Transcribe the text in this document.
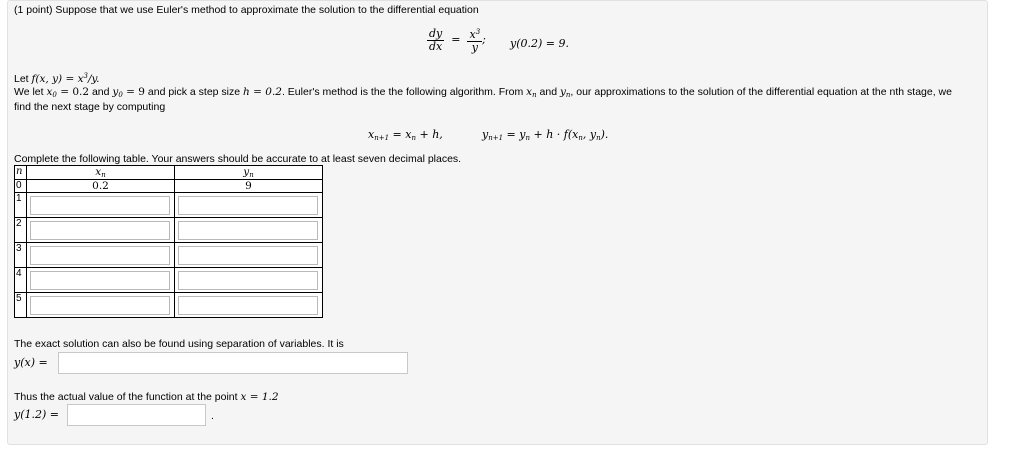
(1 point) Suppose that we use Euler's method to approximate the solution to the differential equation
$\frac{dy}{dx} = \frac{x^3}{y}$ ; y(0.2) = 9.
Let f(x, $y) = x^3/y$.
We let $x_0 = 0.2$ and $y_0 = 9$ and pick a step size h = 0.2. Euler's method is the the following algorithm. From $x_n$ and $y_n$, our approximations to the solution of the differential equation at the nth stage, we
find the next stage by computing
$x_{n+1} = x_n + h$,	$y_{n+1} = y_n + h \cdot f(x_n$, $y_n$).
Complete the following table. Your answers should be accurate to at least seven decimal places.
n	$x_n$	$y_n$
0	0.2	9
1	

2	

3	

4	

5	

The exact solution can also be found using separation of variables. It is
y(x) =
Thus the actual value of the function at the point x = 1.2
y(1.2) =	.
